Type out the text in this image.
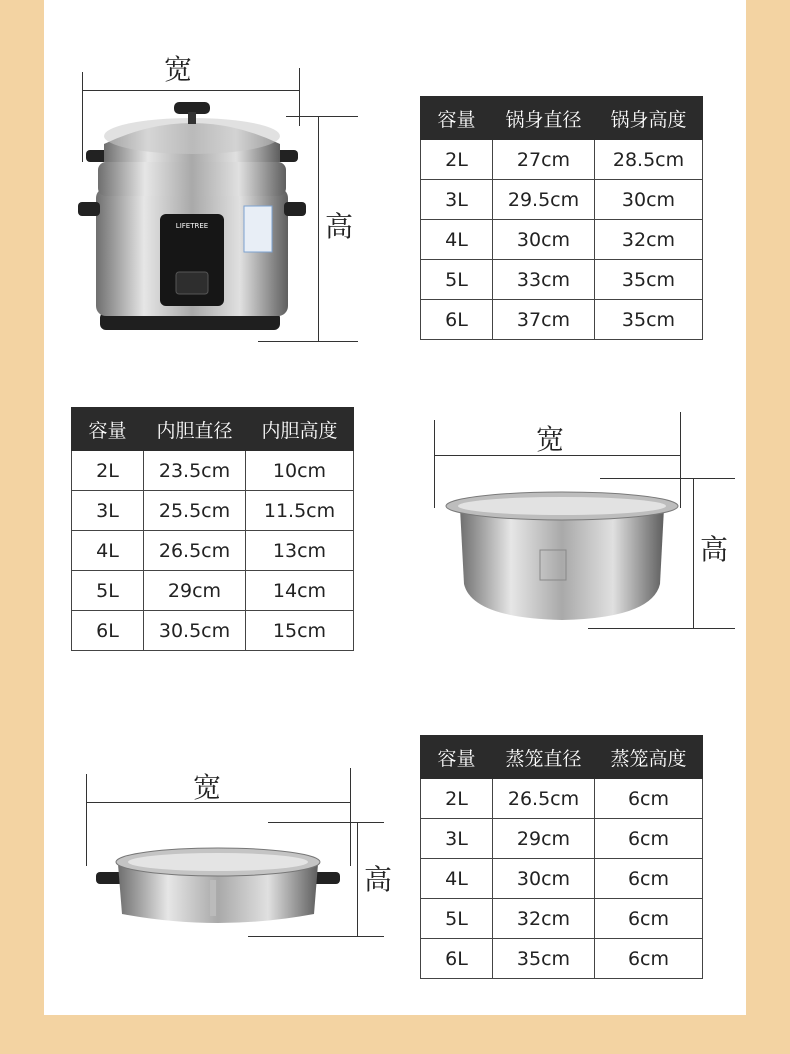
宽
高
LIFETREE
容量	锅身直径	锅身高度
2L	27cm	28.5cm
3L	29.5cm	30cm
4L	30cm	32cm
5L	33cm	35cm
6L	37cm	35cm
容量	内胆直径	内胆高度
2L	23.5cm	10cm
3L	25.5cm	11.5cm
4L	26.5cm	13cm
5L	29cm	14cm
6L	30.5cm	15cm
宽
高
宽
高
容量	蒸笼直径	蒸笼高度
2L	26.5cm	6cm
3L	29cm	6cm
4L	30cm	6cm
5L	32cm	6cm
6L	35cm	6cm
